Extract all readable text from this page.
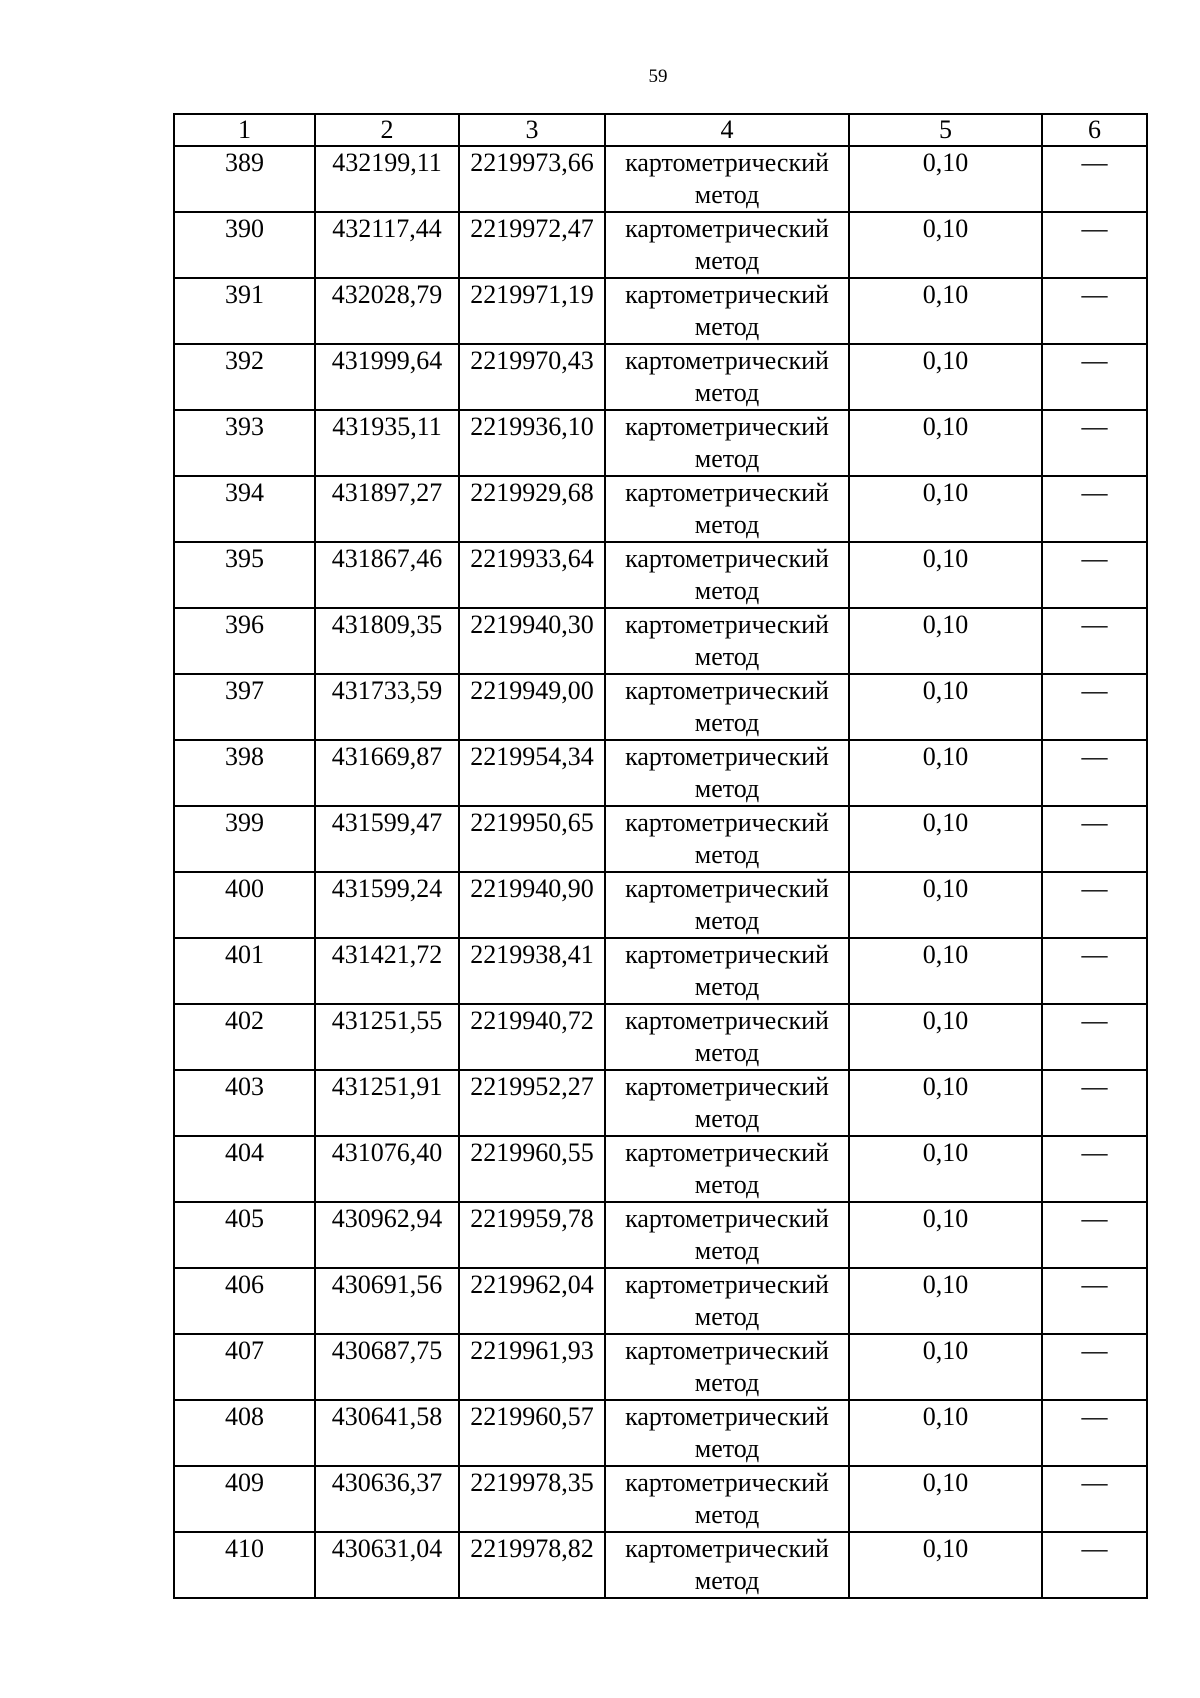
59
1	2	3	4	5	6
389	432199,11	2219973,66	картометрический метод	0,10	—
390	432117,44	2219972,47	картометрический метод	0,10	—
391	432028,79	2219971,19	картометрический метод	0,10	—
392	431999,64	2219970,43	картометрический метод	0,10	—
393	431935,11	2219936,10	картометрический метод	0,10	—
394	431897,27	2219929,68	картометрический метод	0,10	—
395	431867,46	2219933,64	картометрический метод	0,10	—
396	431809,35	2219940,30	картометрический метод	0,10	—
397	431733,59	2219949,00	картометрический метод	0,10	—
398	431669,87	2219954,34	картометрический метод	0,10	—
399	431599,47	2219950,65	картометрический метод	0,10	—
400	431599,24	2219940,90	картометрический метод	0,10	—
401	431421,72	2219938,41	картометрический метод	0,10	—
402	431251,55	2219940,72	картометрический метод	0,10	—
403	431251,91	2219952,27	картометрический метод	0,10	—
404	431076,40	2219960,55	картометрический метод	0,10	—
405	430962,94	2219959,78	картометрический метод	0,10	—
406	430691,56	2219962,04	картометрический метод	0,10	—
407	430687,75	2219961,93	картометрический метод	0,10	—
408	430641,58	2219960,57	картометрический метод	0,10	—
409	430636,37	2219978,35	картометрический метод	0,10	—
410	430631,04	2219978,82	картометрический метод	0,10	—
